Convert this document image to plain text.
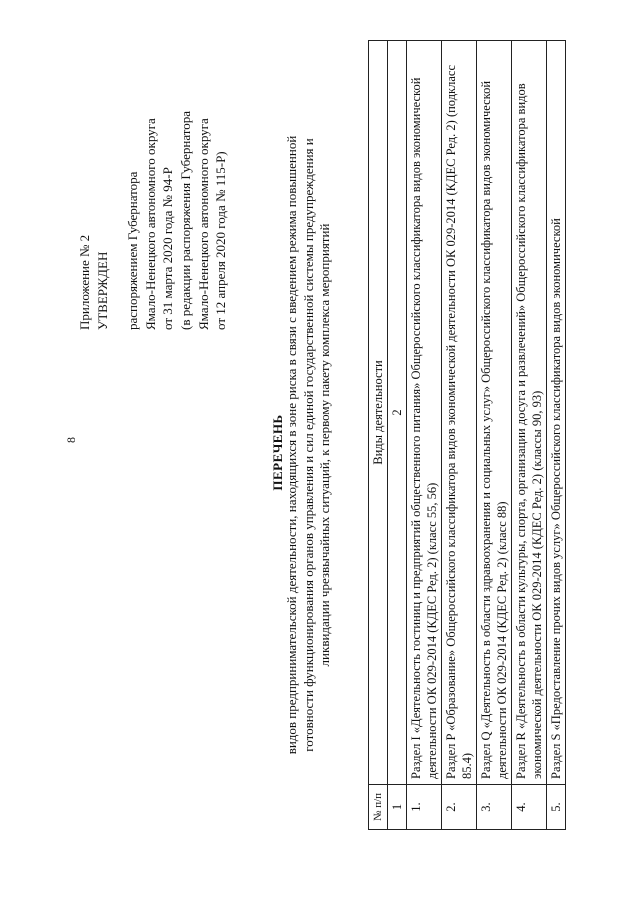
8
Приложение № 2 УТВЕРЖДЕН распоряжением Губернатора Ямало-Ненецкого автономного округа от 31 марта 2020 года № 94-Р (в редакции распоряжения Губернатора Ямало-Ненецкого автономного округа от 12 апреля 2020 года № 115-Р)
ПЕРЕЧЕНЬ видов предпринимательской деятельности, находящихся в зоне риска в связи с введением режима повышенной готовности функционирования органов управления и сил единой государственной системы предупреждения и ликвидации чрезвычайных ситуаций, к первому пакету комплекса мероприятий
№ п/п	Виды деятельности
1	2
1.	Раздел I «Деятельность гостиниц и предприятий общественного питания» Общероссийского классификатора видов экономической деятельности ОК 029-2014 (КДЕС Ред. 2) (класс 55, 56)
2.	Раздел P «Образование» Общероссийского классификатора видов экономической деятельности ОК 029-2014 (КДЕС Ред. 2) (подкласс 85.4)
3.	Раздел Q «Деятельность в области здравоохранения и социальных услуг» Общероссийского классификатора видов экономической деятельности ОК 029-2014 (КДЕС Ред. 2) (класс 88)
4.	Раздел R «Деятельность в области культуры, спорта, организации досуга и развлечений» Общероссийского классификатора видов экономической деятельности ОК 029-2014 (КДЕС Ред. 2) (классы 90, 93)
5.	Раздел S «Предоставление прочих видов услуг» Общероссийского классификатора видов экономической
